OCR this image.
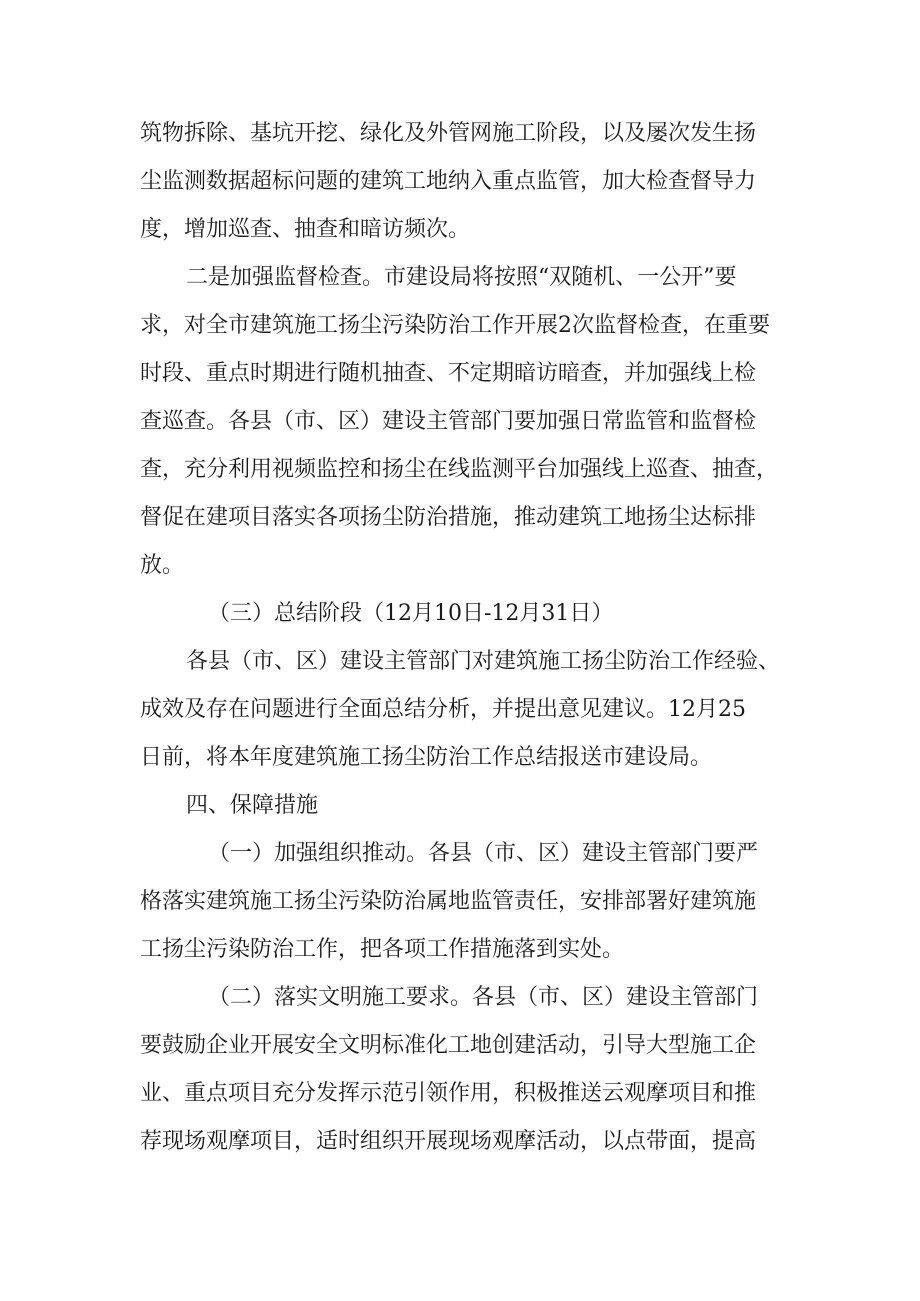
筑物拆除、基坑开挖、绿化及外管网施工阶段，以及屡次发生扬
尘监测数据超标问题的建筑工地纳入重点监管，加大检查督导力
度，增加巡查、抽查和暗访频次。
二是加强监督检查。市建设局将按照“双随机、一公开”要
求，对全市建筑施工扬尘污染防治工作开展2次监督检查，在重要
时段、重点时期进行随机抽查、不定期暗访暗查，并加强线上检
查巡查。各县（市、区）建设主管部门要加强日常监管和监督检
查，充分利用视频监控和扬尘在线监测平台加强线上巡查、抽查，
督促在建项目落实各项扬尘防治措施，推动建筑工地扬尘达标排
放。
（三）总结阶段（12月10日-12月31日）
各县（市、区）建设主管部门对建筑施工扬尘防治工作经验、
成效及存在问题进行全面总结分析，并提出意见建议。12月25
日前，将本年度建筑施工扬尘防治工作总结报送市建设局。
四、保障措施
（一）加强组织推动。各县（市、区）建设主管部门要严
格落实建筑施工扬尘污染防治属地监管责任，安排部署好建筑施
工扬尘污染防治工作，把各项工作措施落到实处。
（二）落实文明施工要求。各县（市、区）建设主管部门
要鼓励企业开展安全文明标准化工地创建活动，引导大型施工企
业、重点项目充分发挥示范引领作用，积极推送云观摩项目和推
荐现场观摩项目，适时组织开展现场观摩活动，以点带面，提高
